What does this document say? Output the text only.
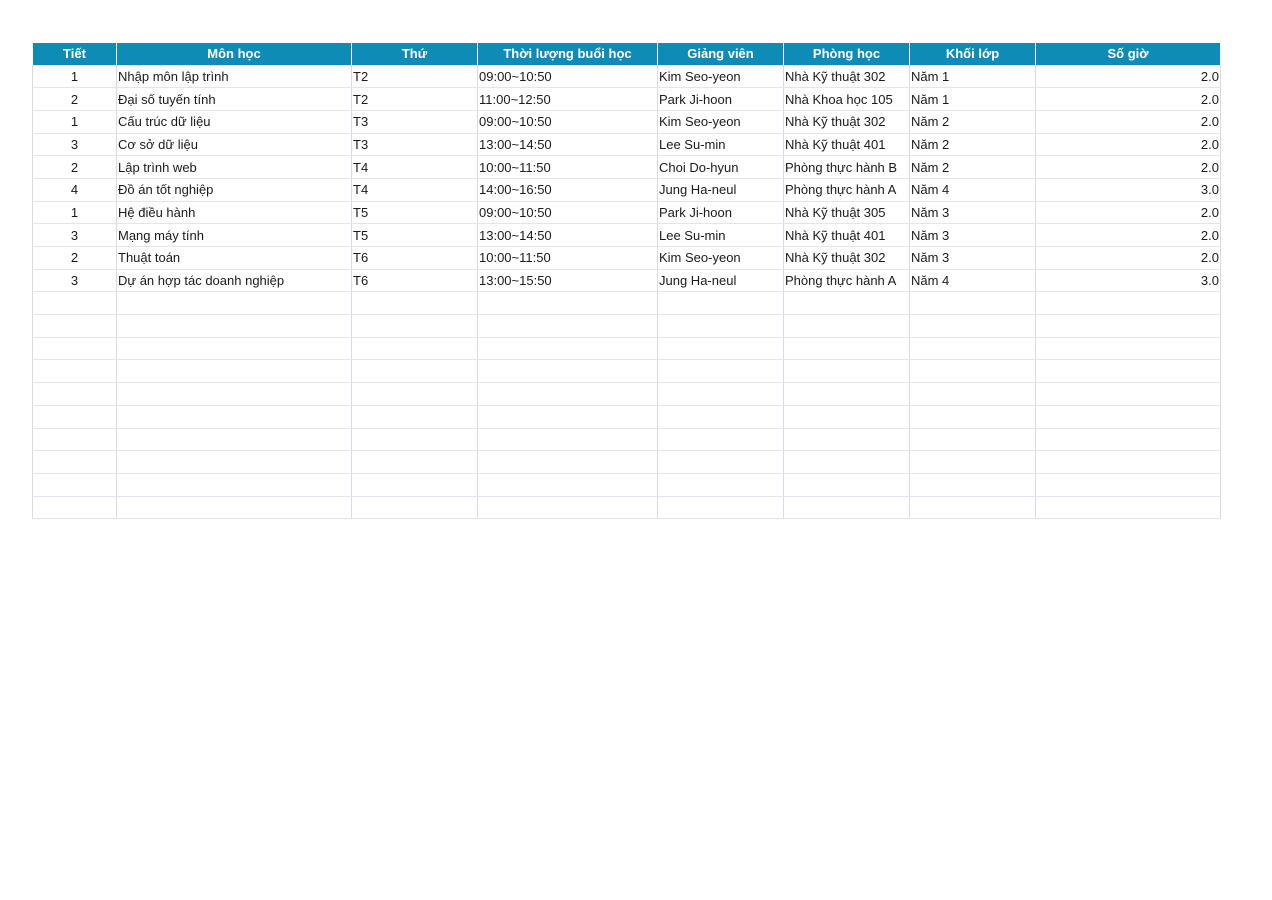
Tiết	Môn học	Thứ	Thời lượng buổi học	Giảng viên	Phòng học	Khối lớp	Số giờ
1	Nhập môn lập trình	T2	09:00~10:50	Kim Seo-yeon	Nhà Kỹ thuật 302	Năm 1	2.0
2	Đại số tuyến tính	T2	11:00~12:50	Park Ji-hoon	Nhà Khoa học 105	Năm 1	2.0
1	Cấu trúc dữ liệu	T3	09:00~10:50	Kim Seo-yeon	Nhà Kỹ thuật 302	Năm 2	2.0
3	Cơ sở dữ liệu	T3	13:00~14:50	Lee Su-min	Nhà Kỹ thuật 401	Năm 2	2.0
2	Lập trình web	T4	10:00~11:50	Choi Do-hyun	Phòng thực hành B	Năm 2	2.0
4	Đồ án tốt nghiệp	T4	14:00~16:50	Jung Ha-neul	Phòng thực hành A	Năm 4	3.0
1	Hệ điều hành	T5	09:00~10:50	Park Ji-hoon	Nhà Kỹ thuật 305	Năm 3	2.0
3	Mạng máy tính	T5	13:00~14:50	Lee Su-min	Nhà Kỹ thuật 401	Năm 3	2.0
2	Thuật toán	T6	10:00~11:50	Kim Seo-yeon	Nhà Kỹ thuật 302	Năm 3	2.0
3	Dự án hợp tác doanh nghiệp	T6	13:00~15:50	Jung Ha-neul	Phòng thực hành A	Năm 4	3.0
